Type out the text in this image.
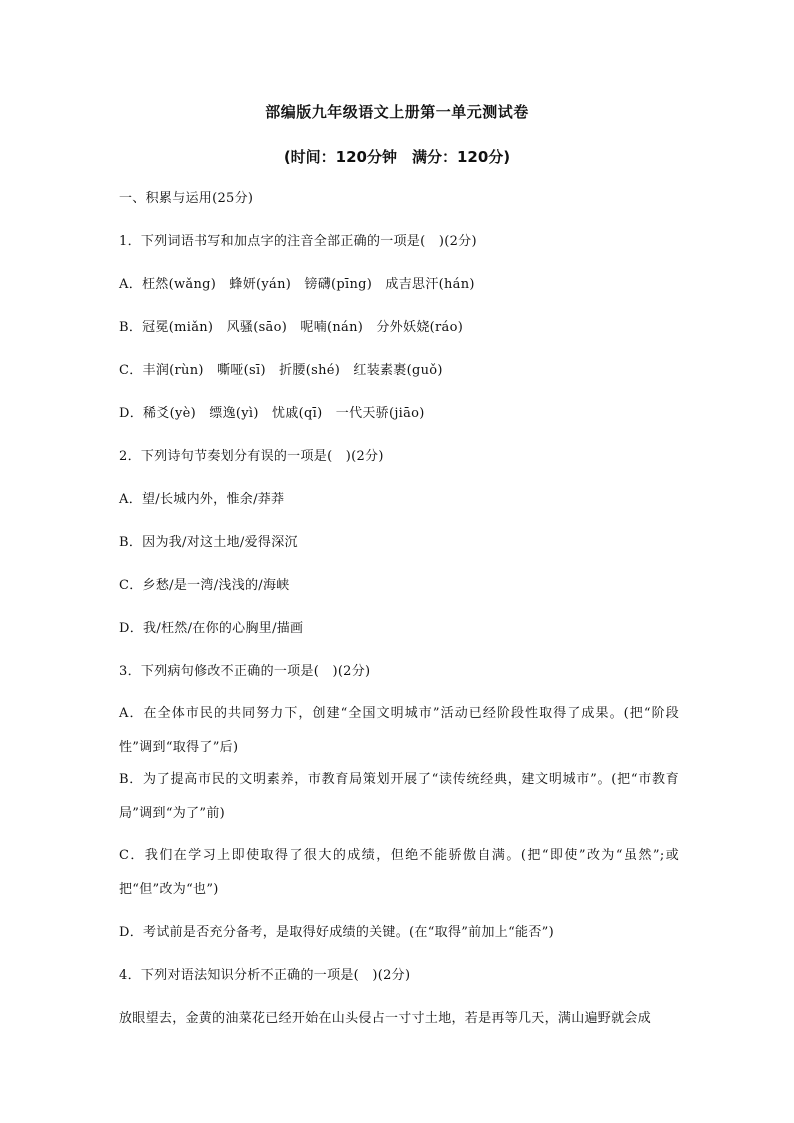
部编版九年级语文上册第一单元测试卷
(时间：120分钟　满分：120分)
一、积累与运用(25分)
1．下列词语书写和加点字的注音全部正确的一项是(　)(2分)
A．枉然(wǎng)　蜂妍(yán)　镑礴(pīng)　成吉思汗(hán)
B．冠冕(miǎn)　风骚(sāo)　呢喃(nán)　分外妖娆(ráo)
C．丰润(rùn)　嘶哑(sī)　折腰(shé)　红装素裹(guǒ)
D．稀爻(yè)　缥逸(yì)　忧戚(qī)　一代天骄(jiāo)
2．下列诗句节奏划分有误的一项是(　)(2分)
A．望/长城内外，惟余/莽莽
B．因为我/对这土地/爱得深沉
C．乡愁/是一湾/浅浅的/海峡
D．我/枉然/在你的心胸里/描画
3．下列病句修改不正确的一项是(　)(2分)
A．在全体市民的共同努力下，创建“全国文明城市”活动已经阶段性取得了成果。(把“阶段性”调到“取得了”后)
B．为了提高市民的文明素养，市教育局策划开展了“读传统经典，建文明城市”。(把“市教育局”调到“为了”前)
C．我们在学习上即使取得了很大的成绩，但绝不能骄傲自满。(把“即使”改为“虽然”;或把“但”改为“也”)
D．考试前是否充分备考，是取得好成绩的关键。(在“取得”前加上“能否”)
4．下列对语法知识分析不正确的一项是(　)(2分)
放眼望去，金黄的油菜花已经开始在山头侵占一寸寸土地，若是再等几天，满山遍野就会成
